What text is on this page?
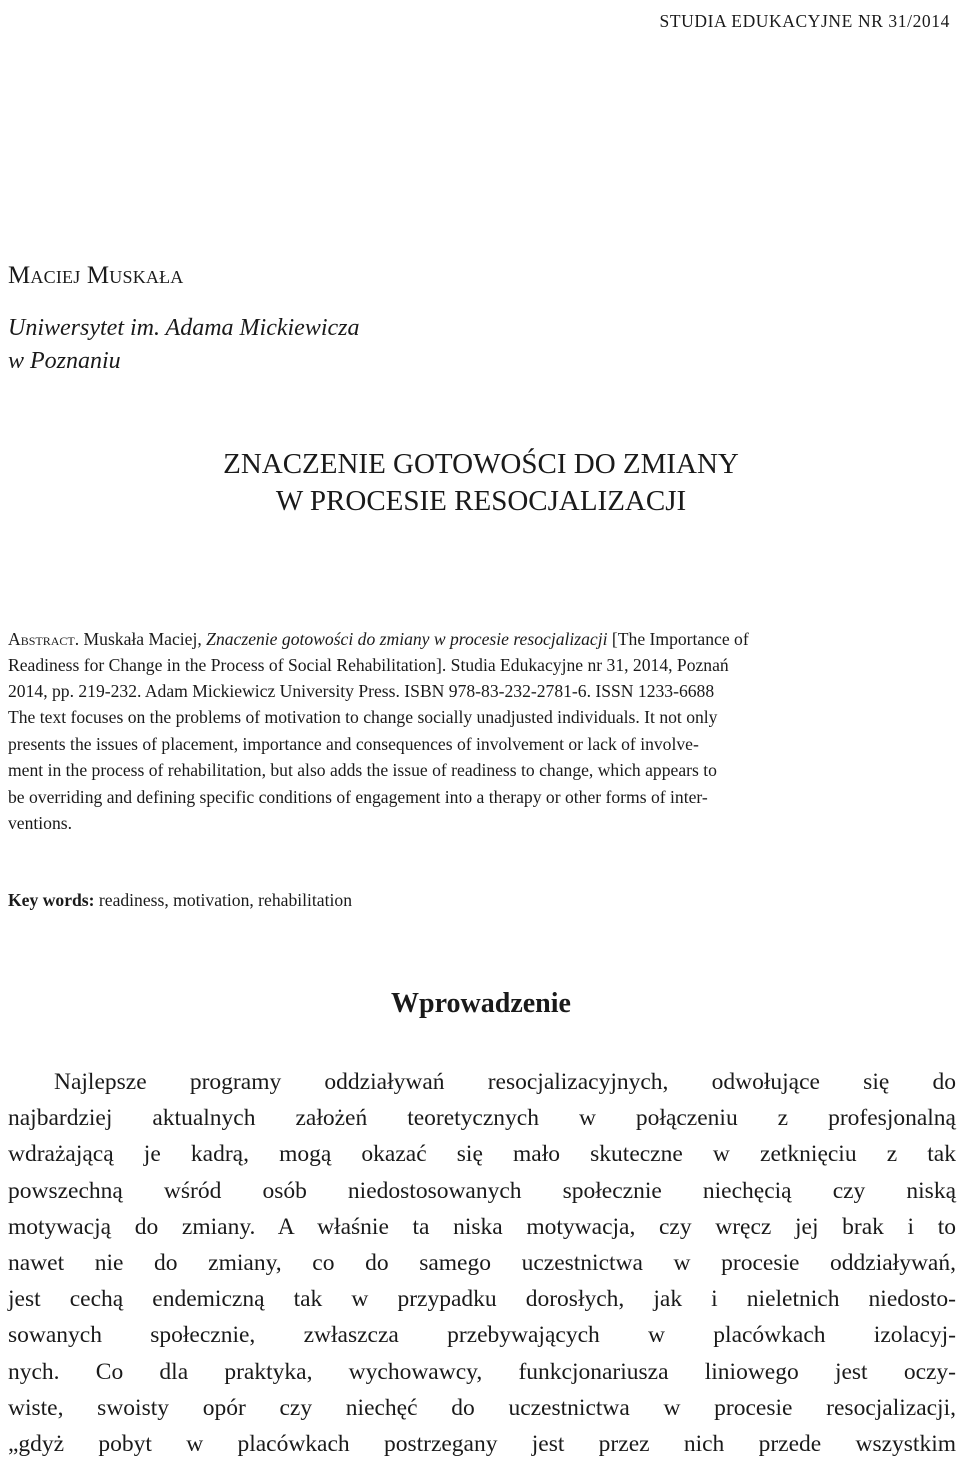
STUDIA EDUKACYJNE NR 31/2014
Maciej Muskała
Uniwersytet im. Adama Mickiewicza
w Poznaniu
ZNACZENIE GOTOWOŚCI DO ZMIANY
W PROCESIE RESOCJALIZACJI
Abstract. Muskała Maciej, Znaczenie gotowości do zmiany w procesie resocjalizacji [The Importance of
Readiness for Change in the Process of Social Rehabilitation]. Studia Edukacyjne nr 31, 2014, Poznań
2014, pp. 219-232. Adam Mickiewicz University Press. ISBN 978-83-232-2781-6. ISSN 1233-6688
The text focuses on the problems of motivation to change socially unadjusted individuals. It not only
presents the issues of placement, importance and consequences of involvement or lack of involve-
ment in the process of rehabilitation, but also adds the issue of readiness to change, which appears to
be overriding and defining specific conditions of engagement into a therapy or other forms of inter-
ventions.
Key words: readiness, motivation, rehabilitation
Wprowadzenie
Najlepsze programy oddziaływań resocjalizacyjnych, odwołujące się do
najbardziej aktualnych założeń teoretycznych w połączeniu z profesjonalną
wdrażającą je kadrą, mogą okazać się mało skuteczne w zetknięciu z tak
powszechną wśród osób niedostosowanych społecznie niechęcią czy niską
motywacją do zmiany. A właśnie ta niska motywacja, czy wręcz jej brak i to
nawet nie do zmiany, co do samego uczestnictwa w procesie oddziaływań,
jest cechą endemiczną tak w przypadku dorosłych, jak i nieletnich niedosto-
sowanych społecznie, zwłaszcza przebywających w placówkach izolacyj-
nych. Co dla praktyka, wychowawcy, funkcjonariusza liniowego jest oczy-
wiste, swoisty opór czy niechęć do uczestnictwa w procesie resocjalizacji,
„gdyż pobyt w placówkach postrzegany jest przez nich przede wszystkim
